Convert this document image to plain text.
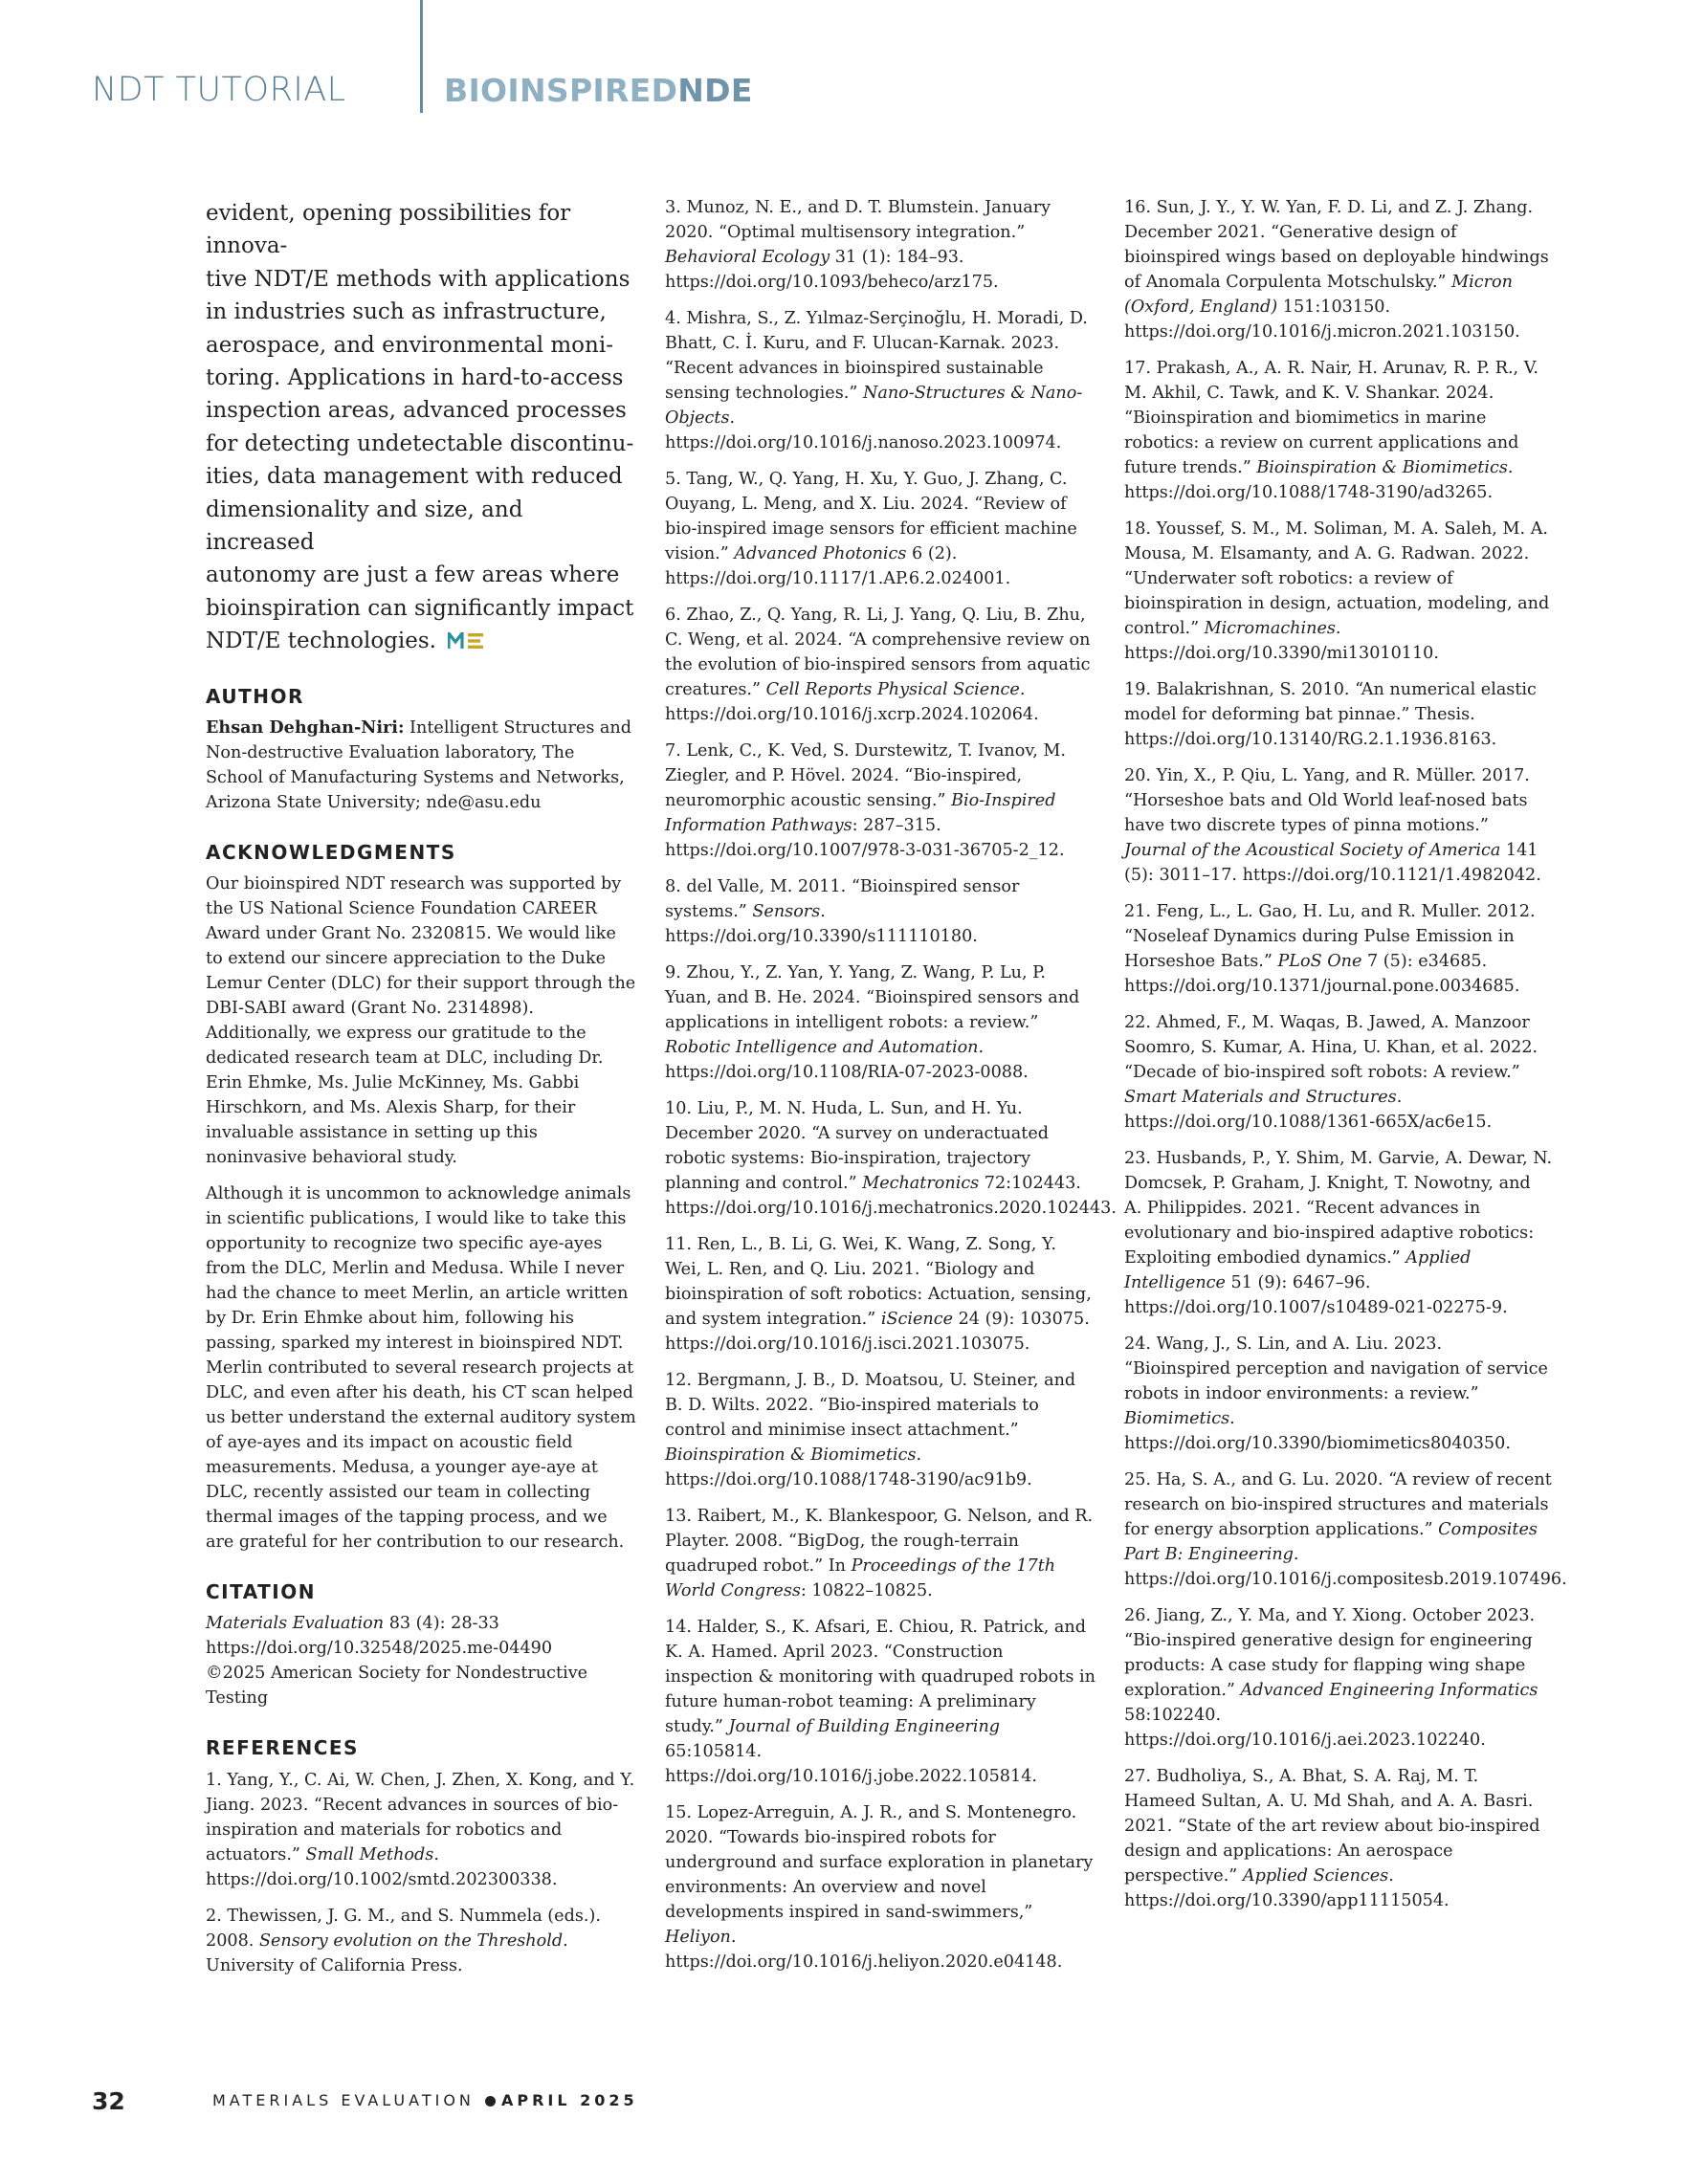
NDT TUTORIAL	BIOINSPIREDNDE
evident, opening possibilities for innova-
tive NDT/E methods with applications
in industries such as infrastructure,
aerospace, and environmental moni-
toring. Applications in hard-to-access
inspection areas, advanced processes
for detecting undetectable discontinu-
ities, data management with reduced
dimensionality and size, and increased
autonomy are just a few areas where
bioinspiration can significantly impact
NDT/E technologies.
AUTHOR

Ehsan Dehghan-Niri: Intelligent Structures and Non-destructive Evaluation laboratory, The School of Manufacturing Systems and Networks, Arizona State University; nde@asu.edu

ACKNOWLEDGMENTS

Our bioinspired NDT research was supported by the US National Science Foundation CAREER Award under Grant No. 2320815. We would like to extend our sincere appreciation to the Duke Lemur Center (DLC) for their support through the DBI-SABI award (Grant No. 2314898). Additionally, we express our gratitude to the dedicated research team at DLC, including Dr. Erin Ehmke, Ms. Julie McKinney, Ms. Gabbi Hirschkorn, and Ms. Alexis Sharp, for their invaluable assistance in setting up this noninvasive behavioral study.

Although it is uncommon to acknowledge animals in scientific publications, I would like to take this opportunity to recognize two specific aye-ayes from the DLC, Merlin and Medusa. While I never had the chance to meet Merlin, an article written by Dr. Erin Ehmke about him, following his passing, sparked my interest in bioinspired NDT. Merlin contributed to several research projects at DLC, and even after his death, his CT scan helped us better understand the external auditory system of aye-ayes and its impact on acoustic field measurements. Medusa, a younger aye-aye at DLC, recently assisted our team in collecting thermal images of the tapping process, and we are grateful for her contribution to our research.

CITATION

Materials Evaluation 83 (4): 28-33
https://doi.org/10.32548/2025.me-04490
©2025 American Society for Nondestructive Testing

REFERENCES

1. Yang, Y., C. Ai, W. Chen, J. Zhen, X. Kong, and Y. Jiang. 2023. “Recent advances in sources of bio-inspiration and materials for robotics and actuators.” Small Methods. https://doi.org/10.1002/smtd.202300338.

2. Thewissen, J. G. M., and S. Nummela (eds.). 2008. Sensory evolution on the Threshold. University of California Press.

3. Munoz, N. E., and D. T. Blumstein. January 2020. “Optimal multisensory integration.” Behavioral Ecology 31 (1): 184–93. https://doi.org/10.1093/beheco/arz175.

4. Mishra, S., Z. Yılmaz-Serçinoğlu, H. Moradi, D. Bhatt, C. İ. Kuru, and F. Ulucan-Karnak. 2023. “Recent advances in bioinspired sustainable sensing technologies.” Nano-Structures & Nano-Objects. https://doi.org/10.1016/j.nanoso.2023.100974.

5. Tang, W., Q. Yang, H. Xu, Y. Guo, J. Zhang, C. Ouyang, L. Meng, and X. Liu. 2024. “Review of bio-inspired image sensors for efficient machine vision.” Advanced Photonics 6 (2). https://doi.org/10.1117/1.AP.6.2.024001.

6. Zhao, Z., Q. Yang, R. Li, J. Yang, Q. Liu, B. Zhu, C. Weng, et al. 2024. “A comprehensive review on the evolution of bio-inspired sensors from aquatic creatures.” Cell Reports Physical Science. https://doi.org/10.1016/j.xcrp.2024.102064.

7. Lenk, C., K. Ved, S. Durstewitz, T. Ivanov, M. Ziegler, and P. Hövel. 2024. “Bio-inspired, neuromorphic acoustic sensing.” Bio-Inspired Information Pathways: 287–315. https://doi.org/10.1007/978-3-031-36705-2_12.

8. del Valle, M. 2011. “Bioinspired sensor systems.” Sensors. https://doi.org/10.3390/s111110180.

9. Zhou, Y., Z. Yan, Y. Yang, Z. Wang, P. Lu, P. Yuan, and B. He. 2024. “Bioinspired sensors and applications in intelligent robots: a review.” Robotic Intelligence and Automation. https://doi.org/10.1108/RIA-07-2023-0088.

10. Liu, P., M. N. Huda, L. Sun, and H. Yu. December 2020. “A survey on underactuated robotic systems: Bio-inspiration, trajectory planning and control.” Mechatronics 72:102443. https://doi.org/10.1016/j.mechatronics.2020.102443.

11. Ren, L., B. Li, G. Wei, K. Wang, Z. Song, Y. Wei, L. Ren, and Q. Liu. 2021. “Biology and bioinspiration of soft robotics: Actuation, sensing, and system integration.” iScience 24 (9): 103075. https://doi.org/10.1016/j.isci.2021.103075.

12. Bergmann, J. B., D. Moatsou, U. Steiner, and B. D. Wilts. 2022. “Bio-inspired materials to control and minimise insect attachment.” Bioinspiration & Biomimetics. https://doi.org/10.1088/1748-3190/ac91b9.

13. Raibert, M., K. Blankespoor, G. Nelson, and R. Playter. 2008. “BigDog, the rough-terrain quadruped robot.” In Proceedings of the 17th World Congress: 10822–10825.

14. Halder, S., K. Afsari, E. Chiou, R. Patrick, and K. A. Hamed. April 2023. “Construction inspection & monitoring with quadruped robots in future human-robot teaming: A preliminary study.” Journal of Building Engineering 65:105814. https://doi.org/10.1016/j.jobe.2022.105814.

15. Lopez-Arreguin, A. J. R., and S. Montenegro. 2020. “Towards bio-inspired robots for underground and surface exploration in planetary environments: An overview and novel developments inspired in sand-swimmers,” Heliyon. https://doi.org/10.1016/j.heliyon.2020.e04148.

16. Sun, J. Y., Y. W. Yan, F. D. Li, and Z. J. Zhang. December 2021. “Generative design of bioinspired wings based on deployable hindwings of Anomala Corpulenta Motschulsky.” Micron (Oxford, England) 151:103150. https://doi.org/10.1016/j.micron.2021.103150.

17. Prakash, A., A. R. Nair, H. Arunav, R. P. R., V. M. Akhil, C. Tawk, and K. V. Shankar. 2024. “Bioinspiration and biomimetics in marine robotics: a review on current applications and future trends.” Bioinspiration & Biomimetics. https://doi.org/10.1088/1748-3190/ad3265.

18. Youssef, S. M., M. Soliman, M. A. Saleh, M. A. Mousa, M. Elsamanty, and A. G. Radwan. 2022. “Underwater soft robotics: a review of bioinspiration in design, actuation, modeling, and control.” Micromachines. https://doi.org/10.3390/mi13010110.

19. Balakrishnan, S. 2010. “An numerical elastic model for deforming bat pinnae.” Thesis. https://doi.org/10.13140/RG.2.1.1936.8163.

20. Yin, X., P. Qiu, L. Yang, and R. Müller. 2017. “Horseshoe bats and Old World leaf-nosed bats have two discrete types of pinna motions.” Journal of the Acoustical Society of America 141 (5): 3011–17. https://doi.org/10.1121/1.4982042.

21. Feng, L., L. Gao, H. Lu, and R. Muller. 2012. “Noseleaf Dynamics during Pulse Emission in Horseshoe Bats.” PLoS One 7 (5): e34685. https://doi.org/10.1371/journal.pone.0034685.

22. Ahmed, F., M. Waqas, B. Jawed, A. Manzoor Soomro, S. Kumar, A. Hina, U. Khan, et al. 2022. “Decade of bio-inspired soft robots: A review.” Smart Materials and Structures. https://doi.org/10.1088/1361-665X/ac6e15.

23. Husbands, P., Y. Shim, M. Garvie, A. Dewar, N. Domcsek, P. Graham, J. Knight, T. Nowotny, and A. Philippides. 2021. “Recent advances in evolutionary and bio-inspired adaptive robotics: Exploiting embodied dynamics.” Applied Intelligence 51 (9): 6467–96. https://doi.org/10.1007/s10489-021-02275-9.

24. Wang, J., S. Lin, and A. Liu. 2023. “Bioinspired perception and navigation of service robots in indoor environments: a review.” Biomimetics. https://doi.org/10.3390/biomimetics8040350.

25. Ha, S. A., and G. Lu. 2020. “A review of recent research on bio-inspired structures and materials for energy absorption applications.” Composites Part B: Engineering. https://doi.org/10.1016/j.compositesb.2019.107496.

26. Jiang, Z., Y. Ma, and Y. Xiong. October 2023. “Bio-inspired generative design for engineering products: A case study for flapping wing shape exploration.” Advanced Engineering Informatics 58:102240. https://doi.org/10.1016/j.aei.2023.102240.

27. Budholiya, S., A. Bhat, S. A. Raj, M. T. Hameed Sultan, A. U. Md Shah, and A. A. Basri. 2021. “State of the art review about bio-inspired design and applications: An aerospace perspective.” Applied Sciences. https://doi.org/10.3390/app11115054.

32	MATERIALS EVALUATION APRIL 2025
